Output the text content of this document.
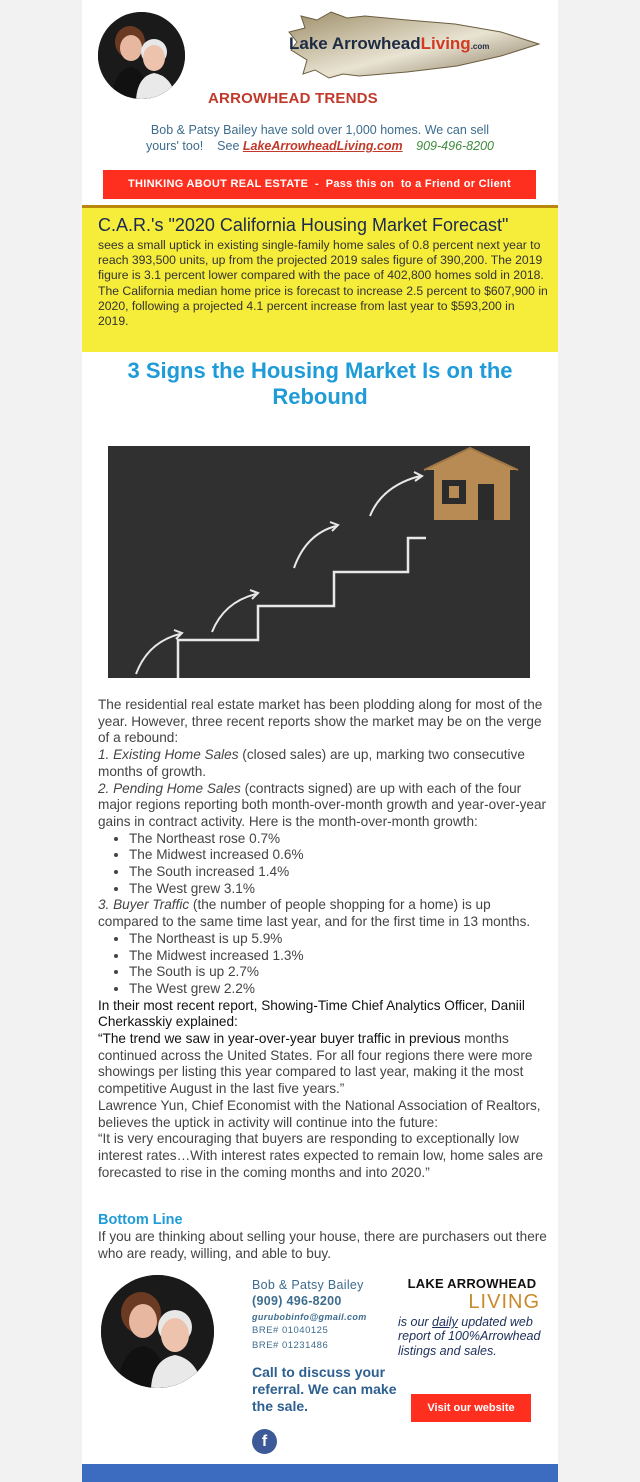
Lake ArrowheadLiving.com
ARROWHEAD TRENDS
Bob & Patsy Bailey have sold over 1,000 homes. We can sell
yours' too!    See LakeArrowheadLiving.com 909-496-8200
THINKING ABOUT REAL ESTATE  -  Pass this on  to a Friend or Client
C.A.R.'s "2020 California Housing Market Forecast"
sees a small uptick in existing single-family home sales of 0.8 percent next year to reach 393,500 units, up from the projected 2019 sales figure of 390,200. The 2019 figure is 3.1 percent lower compared with the pace of 402,800 homes sold in 2018.
The California median home price is forecast to increase 2.5 percent to $607,900 in 2020, following a projected 4.1 percent increase from last year to $593,200 in 2019.
3 Signs the Housing Market Is on the Rebound

The residential real estate market has been plodding along for most of the year. However, three recent reports show the market may be on the verge of a rebound:

1. Existing Home Sales (closed sales) are up, marking two consecutive months of growth.

2. Pending Home Sales (contracts signed) are up with each of the four major regions reporting both month-over-month growth and year-over-year gains in contract activity. Here is the month-over-month growth:

• The Northeast rose 0.7%
• The Midwest increased 0.6%
• The South increased 1.4%
• The West grew 3.1%

3. Buyer Traffic (the number of people shopping for a home) is up compared to the same time last year, and for the first time in 13 months.

• The Northeast is up 5.9%
• The Midwest increased 1.3%
• The South is up 2.7%
• The West grew 2.2%

In their most recent report, Showing-Time Chief Analytics Officer, Daniil Cherkasskiy explained:

“The trend we saw in year-over-year buyer traffic in previous months continued across the United States. For all four regions there were more showings per listing this year compared to last year, making it the most competitive August in the last five years.”

Lawrence Yun, Chief Economist with the National Association of Realtors, believes the uptick in activity will continue into the future:

“It is very encouraging that buyers are responding to exceptionally low interest rates…With interest rates expected to remain low, home sales are forecasted to rise in the coming months and into 2020.”

Bottom Line
If you are thinking about selling your house, there are purchasers out there who are ready, willing, and able to buy.
Bob & Patsy Bailey
(909) 496-8200
gurubobinfo@gmail.com
BRE# 01040125
BRE# 01231486
Call to discuss your referral. We can make the sale.
f
LAKE ARROWHEAD
LIVING
is our daily updated web report of 100%Arrowhead listings and sales.
Visit our website
